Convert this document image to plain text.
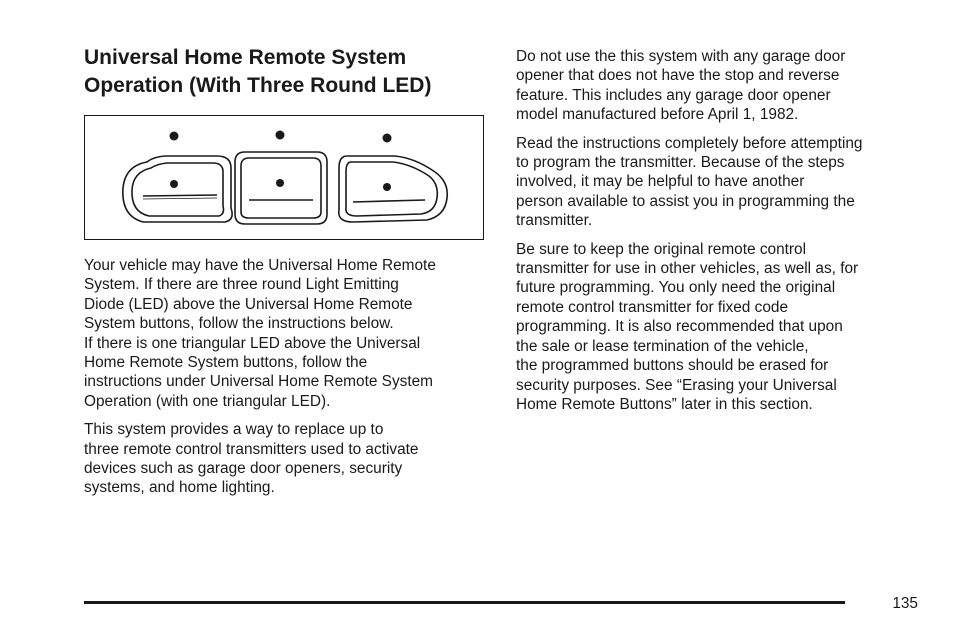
Universal Home Remote System
Operation (With Three Round LED)

Your vehicle may have the Universal Home Remote
System. If there are three round Light Emitting
Diode (LED) above the Universal Home Remote
System buttons, follow the instructions below.
If there is one triangular LED above the Universal
Home Remote System buttons, follow the
instructions under Universal Home Remote System
Operation (with one triangular LED).

This system provides a way to replace up to
three remote control transmitters used to activate
devices such as garage door openers, security
systems, and home lighting.

Do not use the this system with any garage door
opener that does not have the stop and reverse
feature. This includes any garage door opener
model manufactured before April 1, 1982.

Read the instructions completely before attempting
to program the transmitter. Because of the steps
involved, it may be helpful to have another
person available to assist you in programming the
transmitter.

Be sure to keep the original remote control
transmitter for use in other vehicles, as well as, for
future programming. You only need the original
remote control transmitter for fixed code
programming. It is also recommended that upon
the sale or lease termination of the vehicle,
the programmed buttons should be erased for
security purposes. See “Erasing your Universal
Home Remote Buttons” later in this section.

135
